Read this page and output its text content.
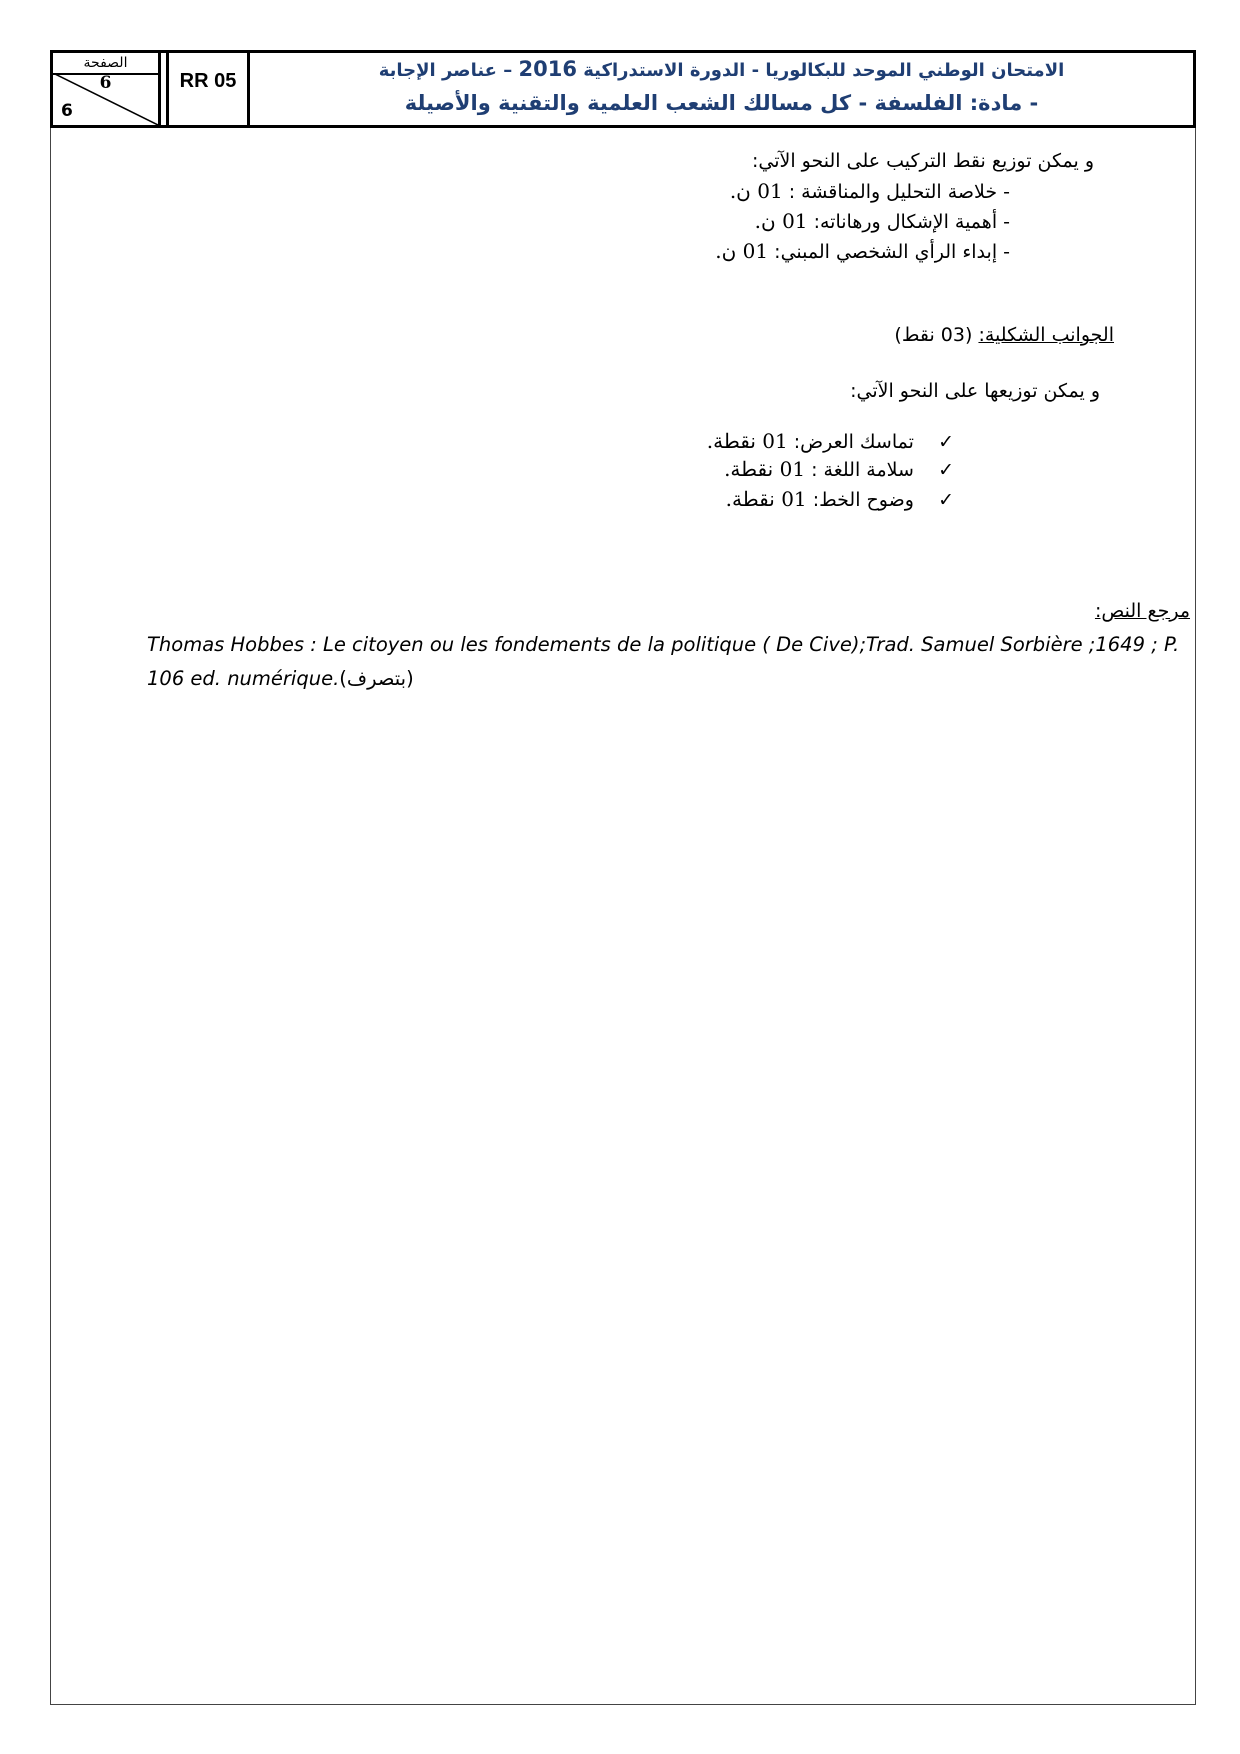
الصفحة
6
6
RR 05	الامتحان الوطني الموحد للبكالوريا - الدورة الاستدراكية 2016 – عناصر الإجابة
- مادة: الفلسفة - كل مسالك الشعب العلمية والتقنية والأصيلة
و يمكن توزيع نقط التركيب على النحو الآتي:
- خلاصة التحليل والمناقشة : 01 ن.
- أهمية الإشكال ورهاناته: 01 ن.
- إبداء الرأي الشخصي المبني: 01 ن.
الجوانب الشكلية: (03 نقط)
و يمكن توزيعها على النحو الآتي:
✓    تماسك العرض: 01 نقطة.
✓    سلامة اللغة : 01 نقطة.
✓    وضوح الخط: 01 نقطة.
مرجع النص:
Thomas Hobbes : Le citoyen ou les fondements de la politique ( De Cive);Trad. Samuel Sorbière ;1649 ; P. 106 ed. numérique.(بتصرف)
